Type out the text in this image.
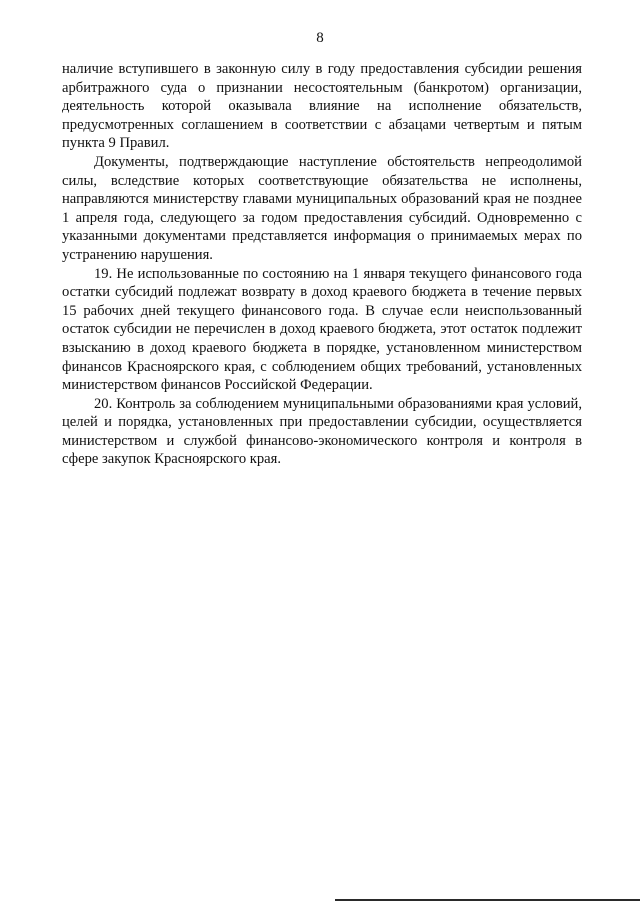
8

наличие вступившего в законную силу в году предоставления субсидии решения арбитражного суда о признании несостоятельным (банкротом) организации, деятельность которой оказывала влияние на исполнение обязательств, предусмотренных соглашением в соответствии с абзацами четвертым и пятым пункта 9 Правил.

Документы, подтверждающие наступление обстоятельств непреодолимой силы, вследствие которых соответствующие обязательства не исполнены, направляются министерству главами муниципальных образований края не позднее 1 апреля года, следующего за годом предоставления субсидий. Одновременно с указанными документами представляется информация о принимаемых мерах по устранению нарушения.

19. Не использованные по состоянию на 1 января текущего финансового года остатки субсидий подлежат возврату в доход краевого бюджета в течение первых 15 рабочих дней текущего финансового года. В случае если неиспользованный остаток субсидии не перечислен в доход краевого бюджета, этот остаток подлежит взысканию в доход краевого бюджета в порядке, установленном министерством финансов Красноярского края, с соблюдением общих требований, установленных министерством финансов Российской Федерации.

20. Контроль за соблюдением муниципальными образованиями края условий, целей и порядка, установленных при предоставлении субсидии, осуществляется министерством и службой финансово-экономического контроля и контроля в сфере закупок Красноярского края.
